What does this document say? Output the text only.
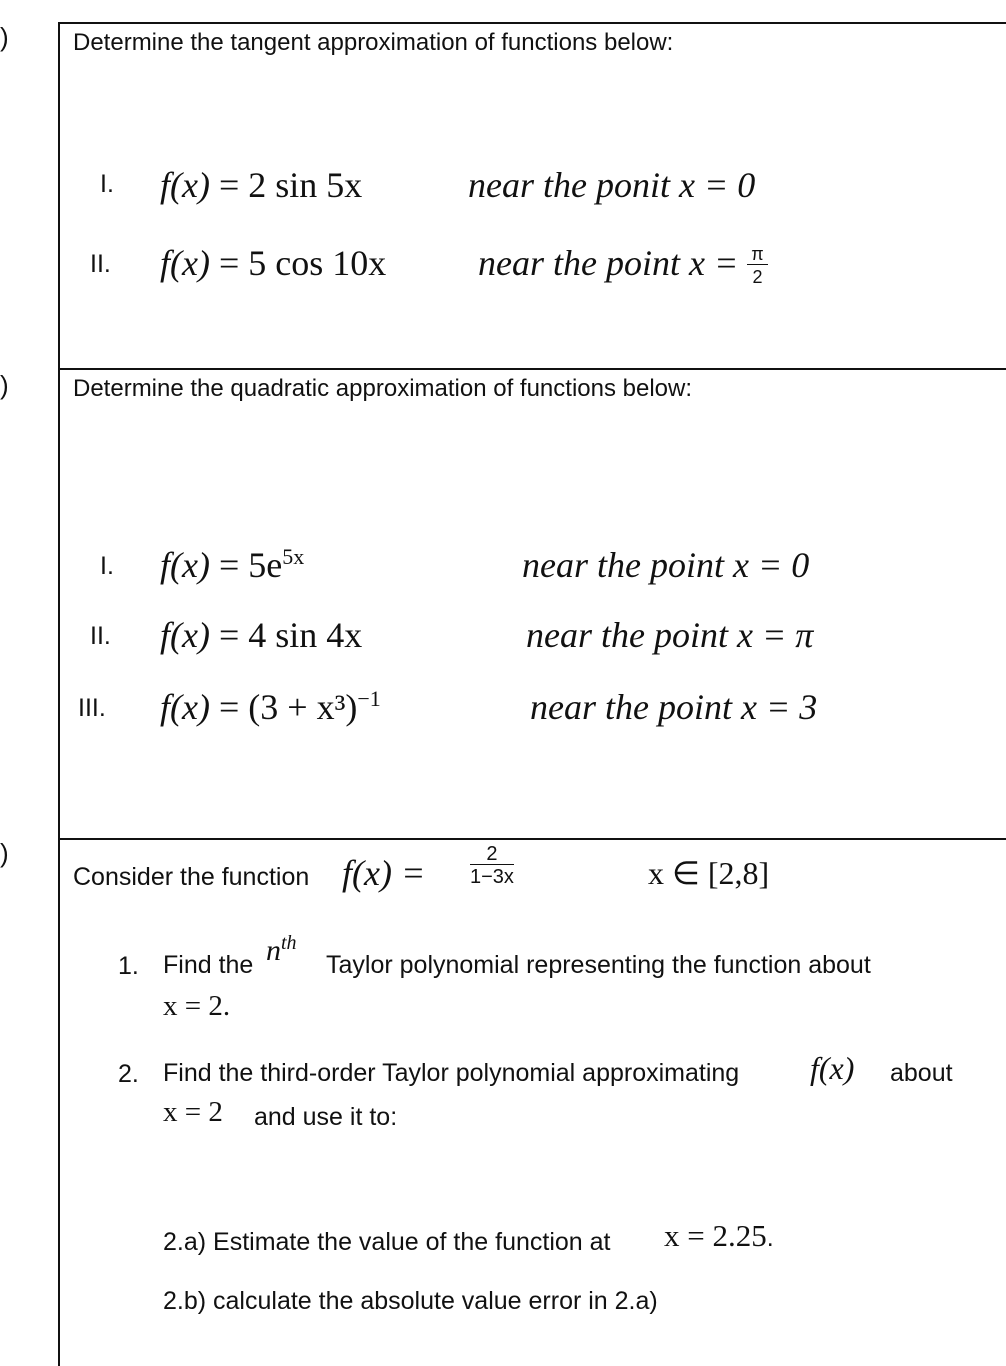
)
)
)
Determine the tangent approximation of functions below:
I. f(x) = 2 sin 5x	near the ponit x = 0
II. f(x) = 5 cos 10x	near the point $x = \frac{\pi}{2}$
Determine the quadratic approximation of functions below:
I. $f(x) = 5e^{5x}$	near the point x = 0
II. f(x) = 4 sin 4x	near the point x = π
III. $f(x) = (3 + x^3)^{-1}$	near the point x = 3
Consider the function $f(x) = \frac{2}{1-3x}$	x ∈ [2,8]
1. Find the $n^{th}$
Taylor polynomial representing the function about
x = 2.
2. Find the third-order Taylor polynomial approximating f(x) about
x = 2 and use it to:
2.a) Estimate the value of the function at x = 2.25.
2.b) calculate the absolute value error in 2.a)
